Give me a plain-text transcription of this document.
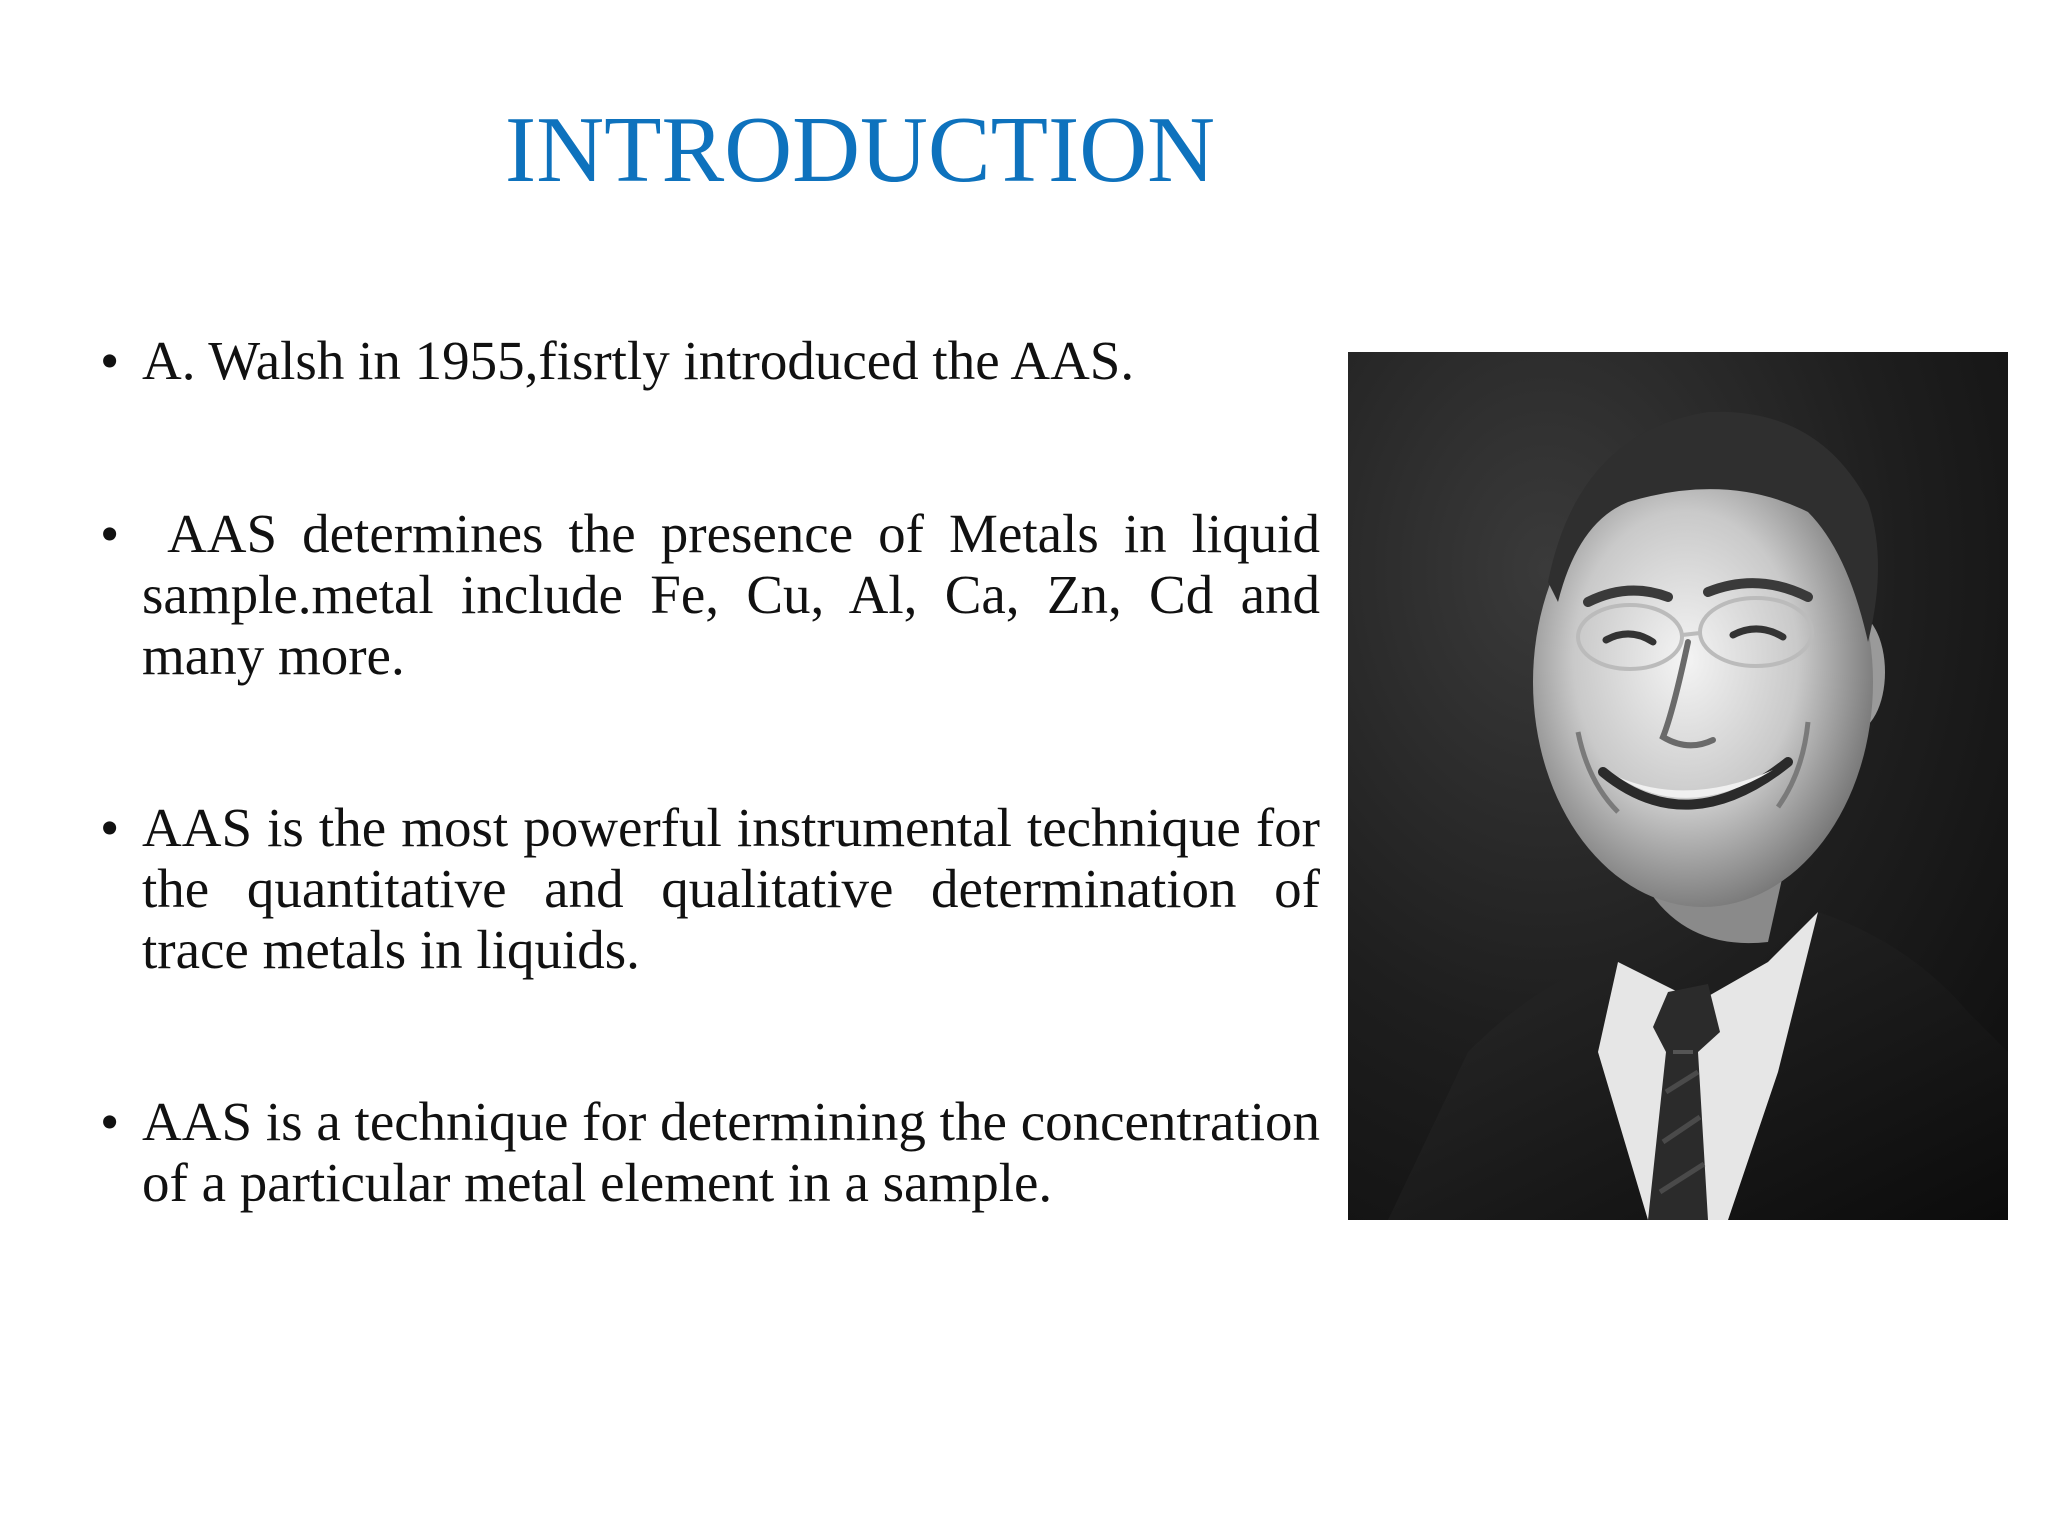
INTRODUCTION
• A. Walsh in 1955,fisrtly introduced the AAS.
• AAS determines the presence of Metals in liquid sample.metal include Fe, Cu, Al, Ca, Zn, Cd and many more.
• AAS is the most powerful instrumental technique for the quantitative and qualitative determination of trace metals in liquids.
• AAS is a technique for determining the concentration of a particular metal element in a sample.
